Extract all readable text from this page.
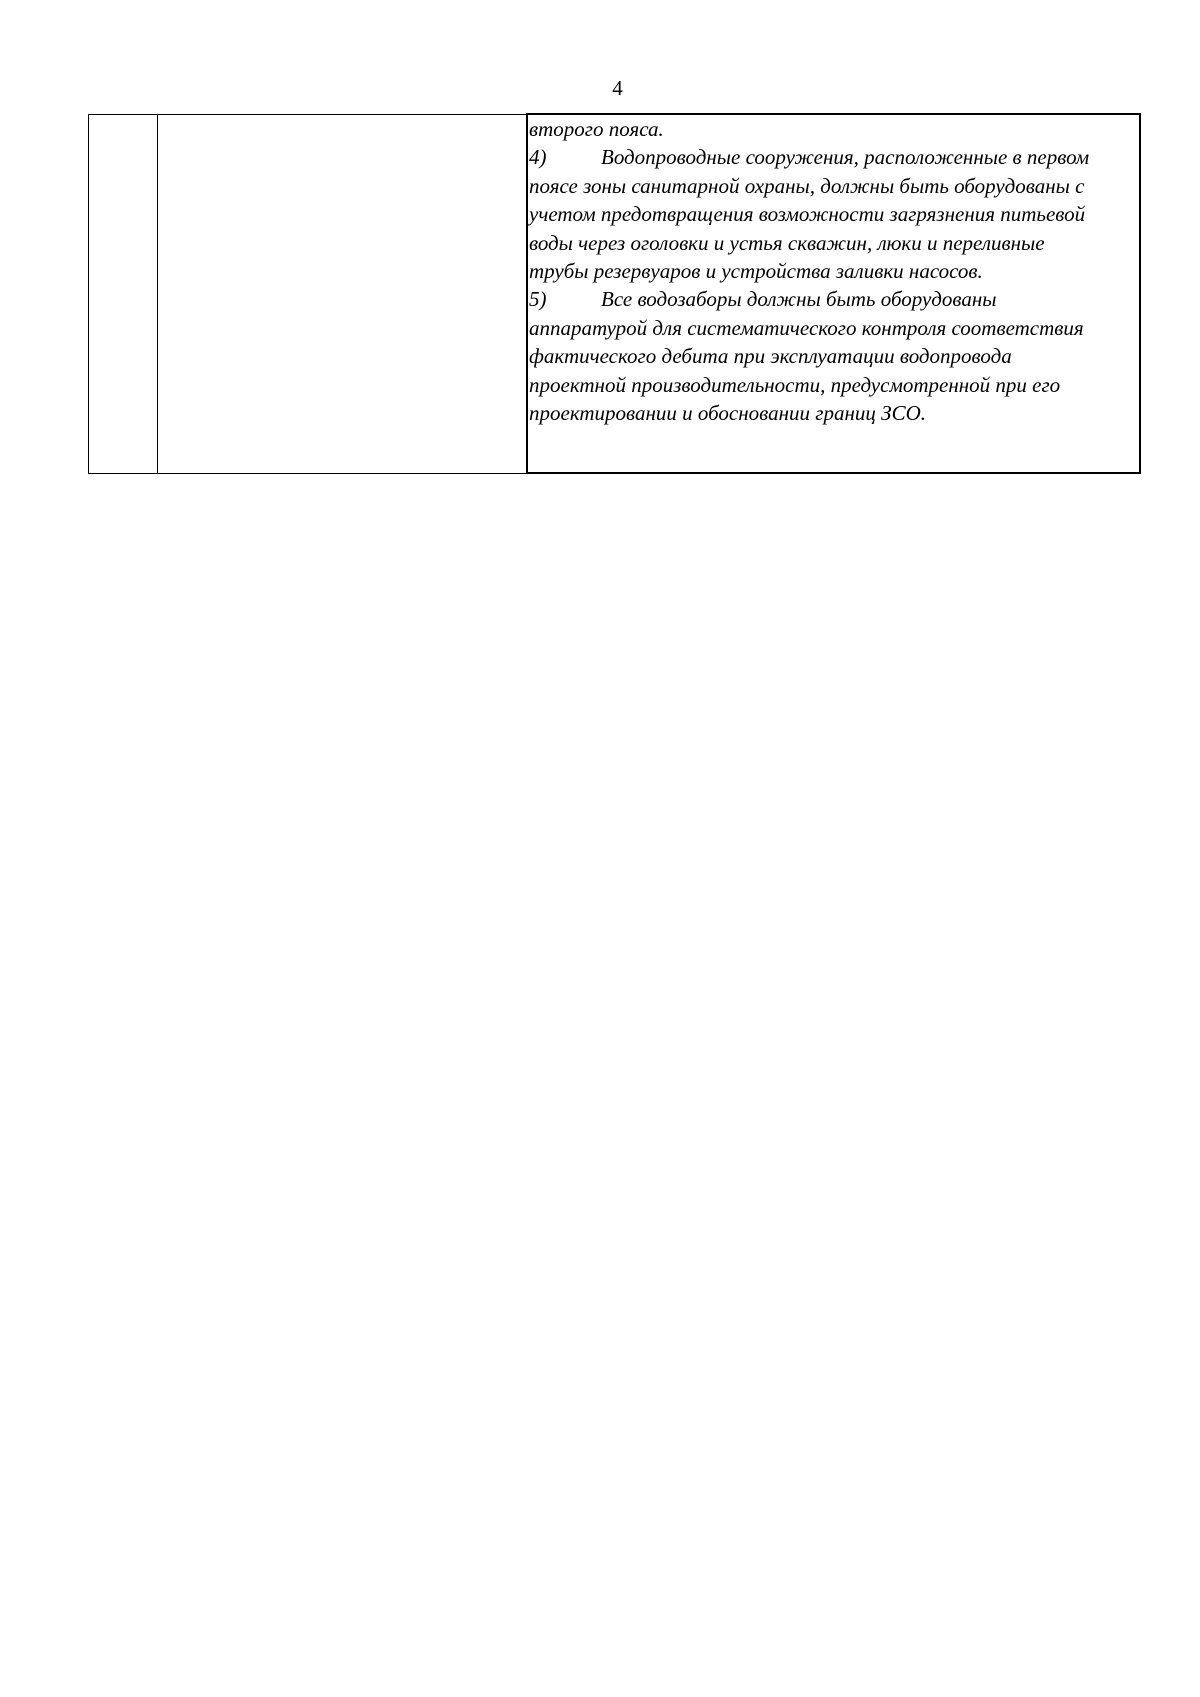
4

второго пояса.
4)	Водопроводные сооружения, расположенные в первом
поясе зоны санитарной охраны, должны быть оборудованы с
учетом предотвращения возможности загрязнения питьевой
воды через оголовки и устья скважин, люки и переливные
трубы резервуаров и устройства заливки насосов.
5)	Все водозаборы должны быть оборудованы
аппаратурой для систематического контроля соответствия
фактического дебита при эксплуатации водопровода
проектной производительности, предусмотренной при его
проектировании и обосновании границ ЗСО.
